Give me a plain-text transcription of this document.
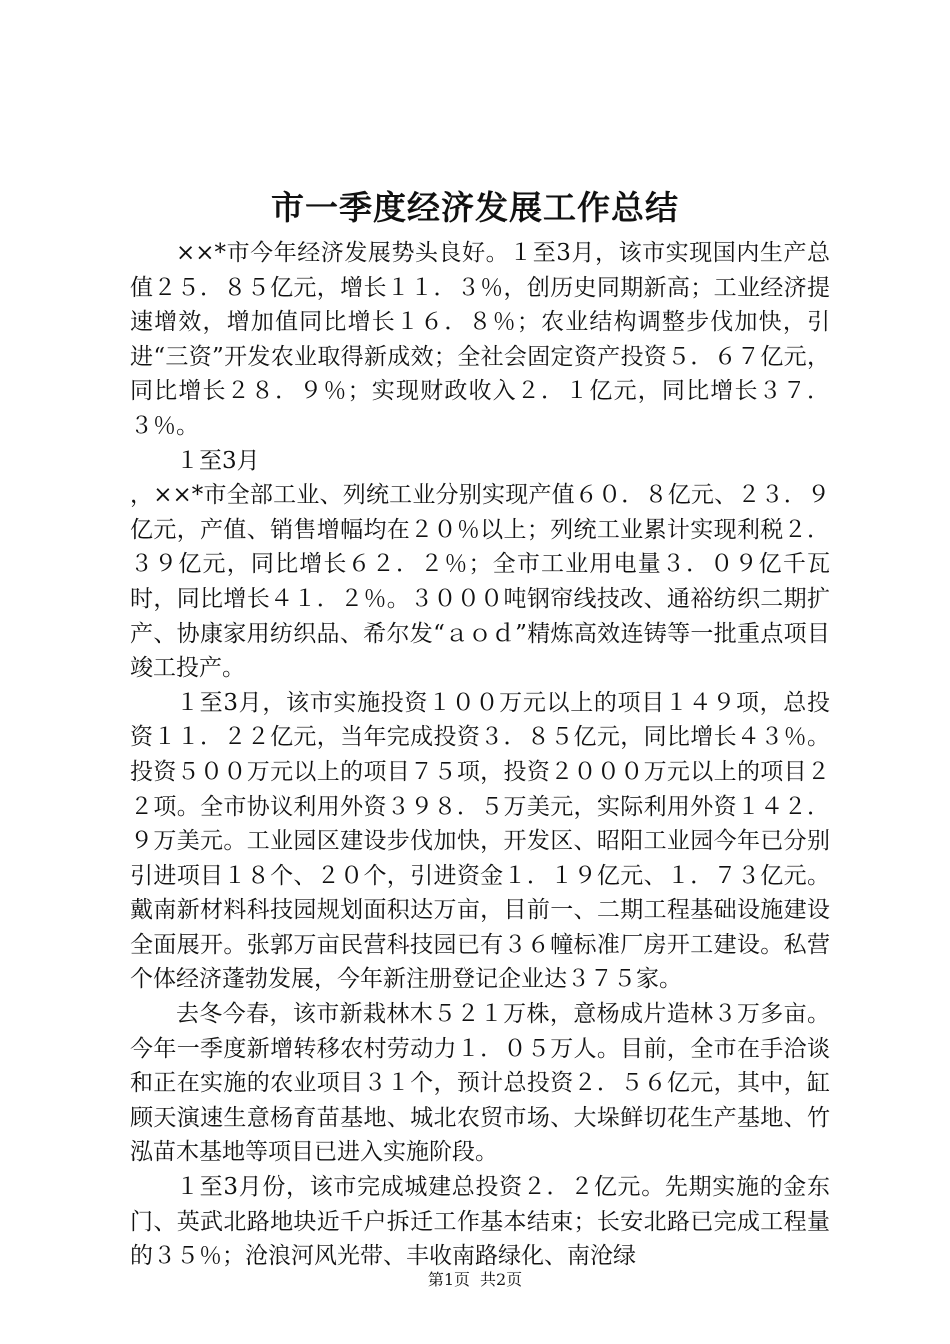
市一季度经济发展工作总结

××*市今年经济发展势头良好。１至3月，该市实现国内生产总值２５．８５亿元，增长１１．３％，创历史同期新高；工业经济提速增效，增加值同比增长１６．８％；农业结构调整步伐加快，引进“三资”开发农业取得新成效；全社会固定资产投资５．６７亿元，同比增长２８．９％；实现财政收入２．１亿元，同比增长３７．３％。

１至3月

，××*市全部工业、列统工业分别实现产值６０．８亿元、２３．９亿元，产值、销售增幅均在２０％以上；列统工业累计实现利税２．３９亿元，同比增长６２．２％；全市工业用电量３．０９亿千瓦时，同比增长４１．２％。３０００吨钢帘线技改、通裕纺织二期扩产、协康家用纺织品、希尔发“ａｏｄ”精炼高效连铸等一批重点项目竣工投产。

１至3月，该市实施投资１００万元以上的项目１４９项，总投资１１．２２亿元，当年完成投资３．８５亿元，同比增长４３％。投资５００万元以上的项目７５项，投资２０００万元以上的项目２２项。全市协议利用外资３９８．５万美元，实际利用外资１４２．９万美元。工业园区建设步伐加快，开发区、昭阳工业园今年已分别引进项目１８个、２０个，引进资金１．１９亿元、１．７３亿元。戴南新材料科技园规划面积达万亩，目前一、二期工程基础设施建设全面展开。张郭万亩民营科技园已有３６幢标准厂房开工建设。私营个体经济蓬勃发展，今年新注册登记企业达３７５家。

去冬今春，该市新栽林木５２１万株，意杨成片造林３万多亩。今年一季度新增转移农村劳动力１．０５万人。目前，全市在手洽谈和正在实施的农业项目３１个，预计总投资２．５６亿元，其中，缸顾天演速生意杨育苗基地、城北农贸市场、大垛鲜切花生产基地、竹泓苗木基地等项目已进入实施阶段。

１至3月份，该市完成城建总投资２．２亿元。先期实施的金东门、英武北路地块近千户拆迁工作基本结束；长安北路已完成工程量的３５％；沧浪河风光带、丰收南路绿化、南沧绿

第1页 共2页
